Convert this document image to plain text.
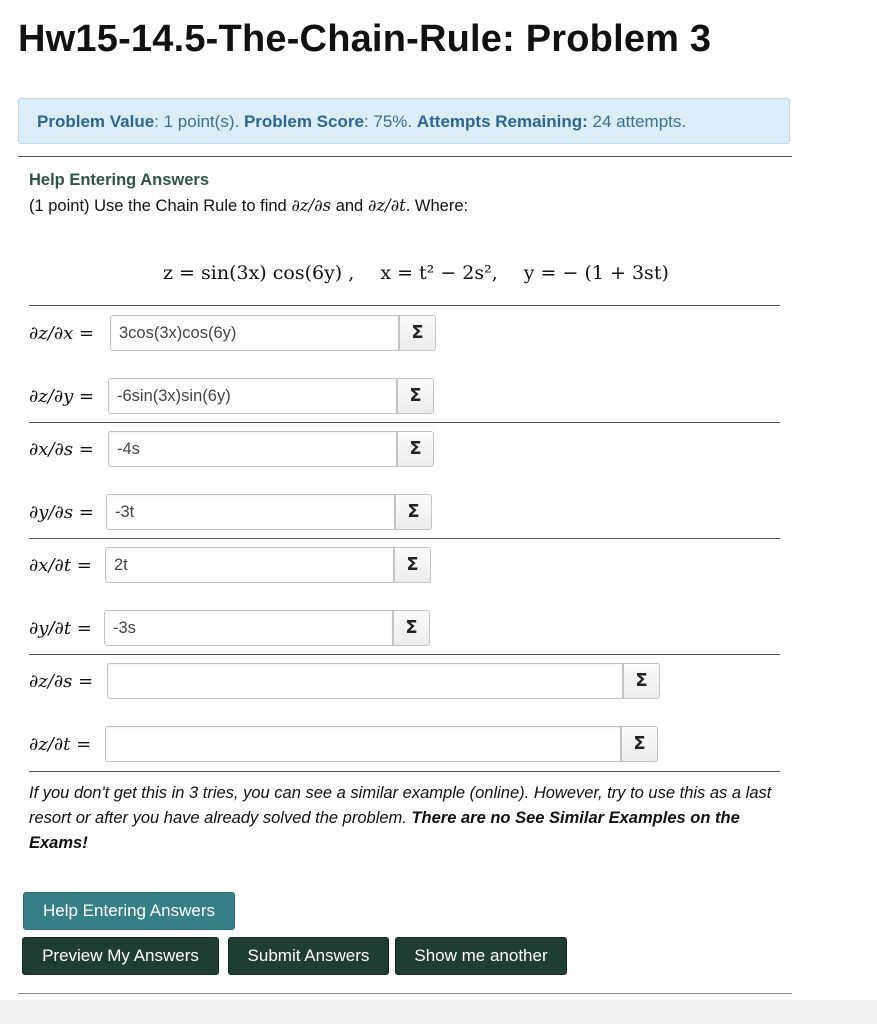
Hw15-14.5-The-Chain-Rule: Problem 3
Problem Value: 1 point(s). Problem Score: 75%. Attempts Remaining: 24 attempts.
Help Entering Answers
(1 point) Use the Chain Rule to find ∂z/∂s and ∂z/∂t. Where:
z = sin(3x) cos(6y) , x = t² − 2s², y = − (1 + 3st)
∂z/∂x =	3cos(3x)cos(6y)	Σ
∂z/∂y =	-6sin(3x)sin(6y)	Σ
∂x/∂s =	-4s	Σ
∂y/∂s =	-3t	Σ
∂x/∂t =	2t	Σ
∂y/∂t =	-3s	Σ
∂z/∂s =	Σ
∂z/∂t =	Σ
If you don't get this in 3 tries, you can see a similar example (online). However, try to use this as a last resort or after you have already solved the problem. There are no See Similar Examples on the Exams!
Help Entering Answers
Preview My Answers	Submit Answers	Show me another
